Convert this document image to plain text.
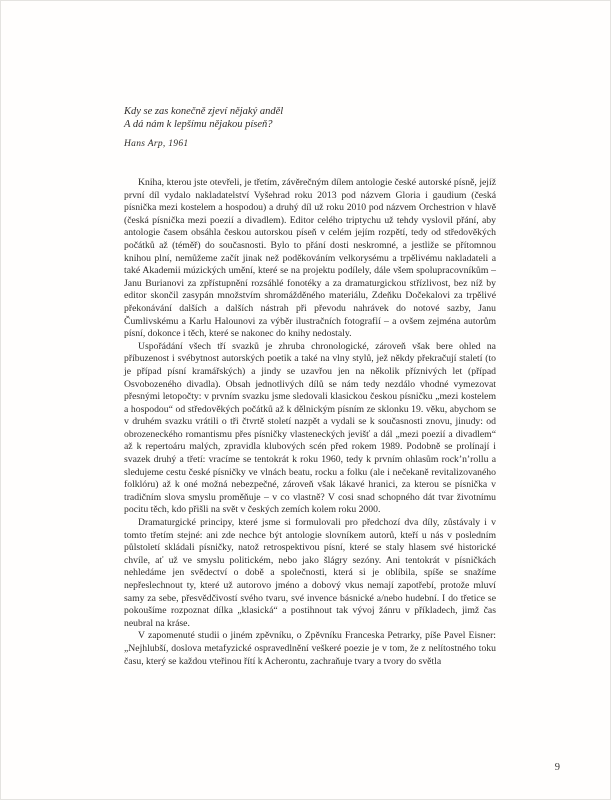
Kdy se zas konečně zjeví nějaký anděl
A dá nám k lepšímu nějakou píseň?
Hans Arp, 1961

Kniha, kterou jste otevřeli, je třetím, závěrečným dílem antologie české autorské písně, jejíž první díl vydalo nakladatelství Vyšehrad roku 2013 pod názvem Gloria i gaudium (česká písnička mezi kostelem a hospodou) a druhý díl už roku 2010 pod názvem Orchestrion v hlavě (česká písnička mezi poezií a divadlem). Editor celého triptychu už tehdy vyslovil přání, aby antologie časem obsáhla českou autorskou píseň v celém jejím rozpětí, tedy od středověkých počátků až (téměř) do současnosti. Bylo to přání dosti neskromné, a jestliže se přítomnou knihou plní, nemůžeme začít jinak než poděkováním velkorysému a trpělivému nakladateli a také Akademii múzických umění, které se na projektu podílely, dále všem spolupracovníkům – Janu Burianovi za zpřístupnění rozsáhlé fonotéky a za dramaturgickou střízlivost, bez níž by editor skončil zasypán množstvím shromážděného materiálu, Zdeňku Dočekalovi za trpělivé překonávání dalších a dalších nástrah při převodu nahrávek do notové sazby, Janu Čumlivskému a Karlu Halounovi za výběr ilustračních fotografií – a ovšem zejména autorům písní, dokonce i těch, které se nakonec do knihy nedostaly.

Uspořádání všech tří svazků je zhruba chronologické, zároveň však bere ohled na příbuzenost i svébytnost autorských poetik a také na vlny stylů, jež někdy překračují staletí (to je případ písní kramářských) a jindy se uzavřou jen na několik příznivých let (případ Osvobozeného divadla). Obsah jednotlivých dílů se nám tedy nezdálo vhodné vymezovat přesnými letopočty: v prvním svazku jsme sledovali klasickou českou písničku „mezi kostelem a hospodou“ od středověkých počátků až k dělnickým písním ze sklonku 19. věku, abychom se v druhém svazku vrátili o tři čtvrtě století nazpět a vydali se k současnosti znovu, jinudy: od obrozeneckého romantismu přes písničky vlasteneckých jevišť a dál „mezi poezií a divadlem“ až k repertoáru malých, zpravidla klubových scén před rokem 1989. Podobně se prolínají i svazek druhý a třetí: vracíme se tentokrát k roku 1960, tedy k prvním ohlasům rock’n’rollu a sledujeme cestu české písničky ve vlnách beatu, rocku a folku (ale i nečekaně revitalizovaného folklóru) až k oné možná nebezpečné, zároveň však lákavé hranici, za kterou se písnička v tradičním slova smyslu proměňuje – v co vlastně? V cosi snad schopného dát tvar životnímu pocitu těch, kdo přišli na svět v českých zemích kolem roku 2000.

Dramaturgické principy, které jsme si formulovali pro předchozí dva díly, zůstávaly i v tomto třetím stejné: ani zde nechce být antologie slovníkem autorů, kteří u nás v posledním půlstoletí skládali písničky, natož retrospektivou písní, které se staly hlasem své historické chvíle, ať už ve smyslu politickém, nebo jako šlágry sezóny. Ani tentokrát v písničkách nehledáme jen svědectví o době a společnosti, která si je oblíbila, spíše se snažíme nepřeslechnout ty, které už autorovo jméno a dobový vkus nemají zapotřebí, protože mluví samy za sebe, přesvědčivostí svého tvaru, své invence básnické a/nebo hudební. I do třetice se pokoušíme rozpoznat dílka „klasická“ a postihnout tak vývoj žánru v příkladech, jimž čas neubral na kráse.

V zapomenuté studii o jiném zpěvníku, o Zpěvníku Franceska Petrarky, píše Pavel Eisner: „Nejhlubší, doslova metafyzické ospravedlnění veškeré poezie je v tom, že z nelítostného toku času, který se každou vteřinou řítí k Acherontu, zachraňuje tvary a tvory do světla

9
